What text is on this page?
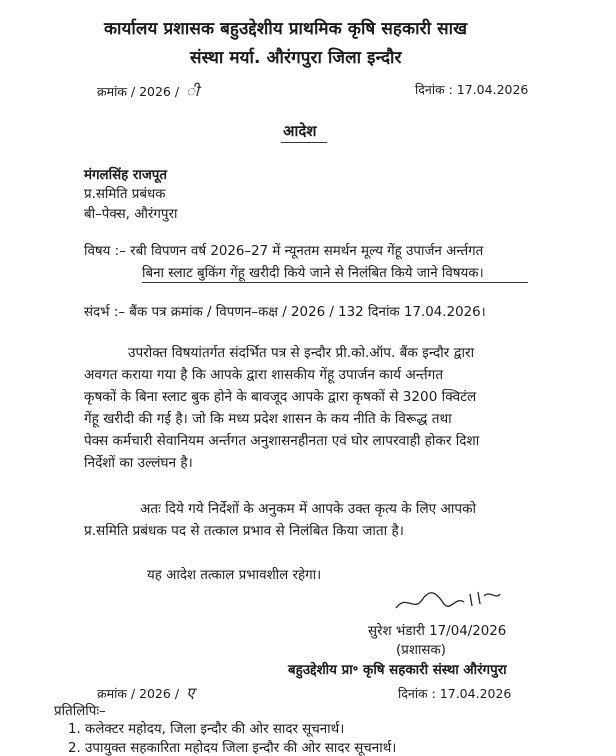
कार्यालय प्रशासक बहुउद्देशीय प्राथमिक कृषि सहकारी साख
संस्था मर्या. औरंगपुरा जिला इन्दौर
क्रमांक / 2026 / ी	दिनांक : 17.04.2026
आदेश
मंगलसिंह राजपूत
प्र.समिति प्रबंधक
बी–पेक्स, औरंगपुरा
विषय :– रबी विपणन वर्ष 2026–27 में न्यूनतम समर्थन मूल्य गेंहू उपार्जन अर्न्तगत
बिना स्लाट बुकिंग गेंहू खरीदी किये जाने से निलंबित किये जाने विषयक।
संदर्भ :– बैंक पत्र क्रमांक / विपणन–कक्ष / 2026 / 132 दिनांक 17.04.2026।
उपरोक्त विषयांतर्गत संदर्भित पत्र से इन्दौर प्री.को.ऑप. बैंक इन्दौर द्वारा
अवगत कराया गया है कि आपके द्वारा शासकीय गेंहू उपार्जन कार्य अर्न्तगत
कृषकों के बिना स्लाट बुक होने के बावजूद आपके द्वारा कृषकों से 3200 क्विटंल
गेंहू खरीदी की गई है। जो कि मध्य प्रदेश शासन के कय नीति के विरूद्ध तथा
पेक्स कर्मचारी सेवानियम अर्न्तगत अनुशासनहीनता एवं घोर लापरवाही होकर दिशा
निर्देशों का उल्लंघन है।
अतः दिये गये निर्देशों के अनुकम में आपके उक्त कृत्य के लिए आपको
प्र.समिति प्रबंधक पद से तत्काल प्रभाव से निलंबित किया जाता है।
यह आदेश तत्काल प्रभावशील रहेगा।
सुरेश भंडारी 17/04/2026
(प्रशासक)
बहुउद्देशीय प्रा॰ कृषि सहकारी संस्था औरंगपुरा
क्रमांक / 2026 / ए	दिनांक : 17.04.2026
प्रतिलिपिः–
1. कलेक्टर महोदय, जिला इन्दौर की ओर सादर सूचनार्थ।
2. उपायुक्त सहकारिता महोदय जिला इन्दौर की ओर सादर सूचनार्थ।
